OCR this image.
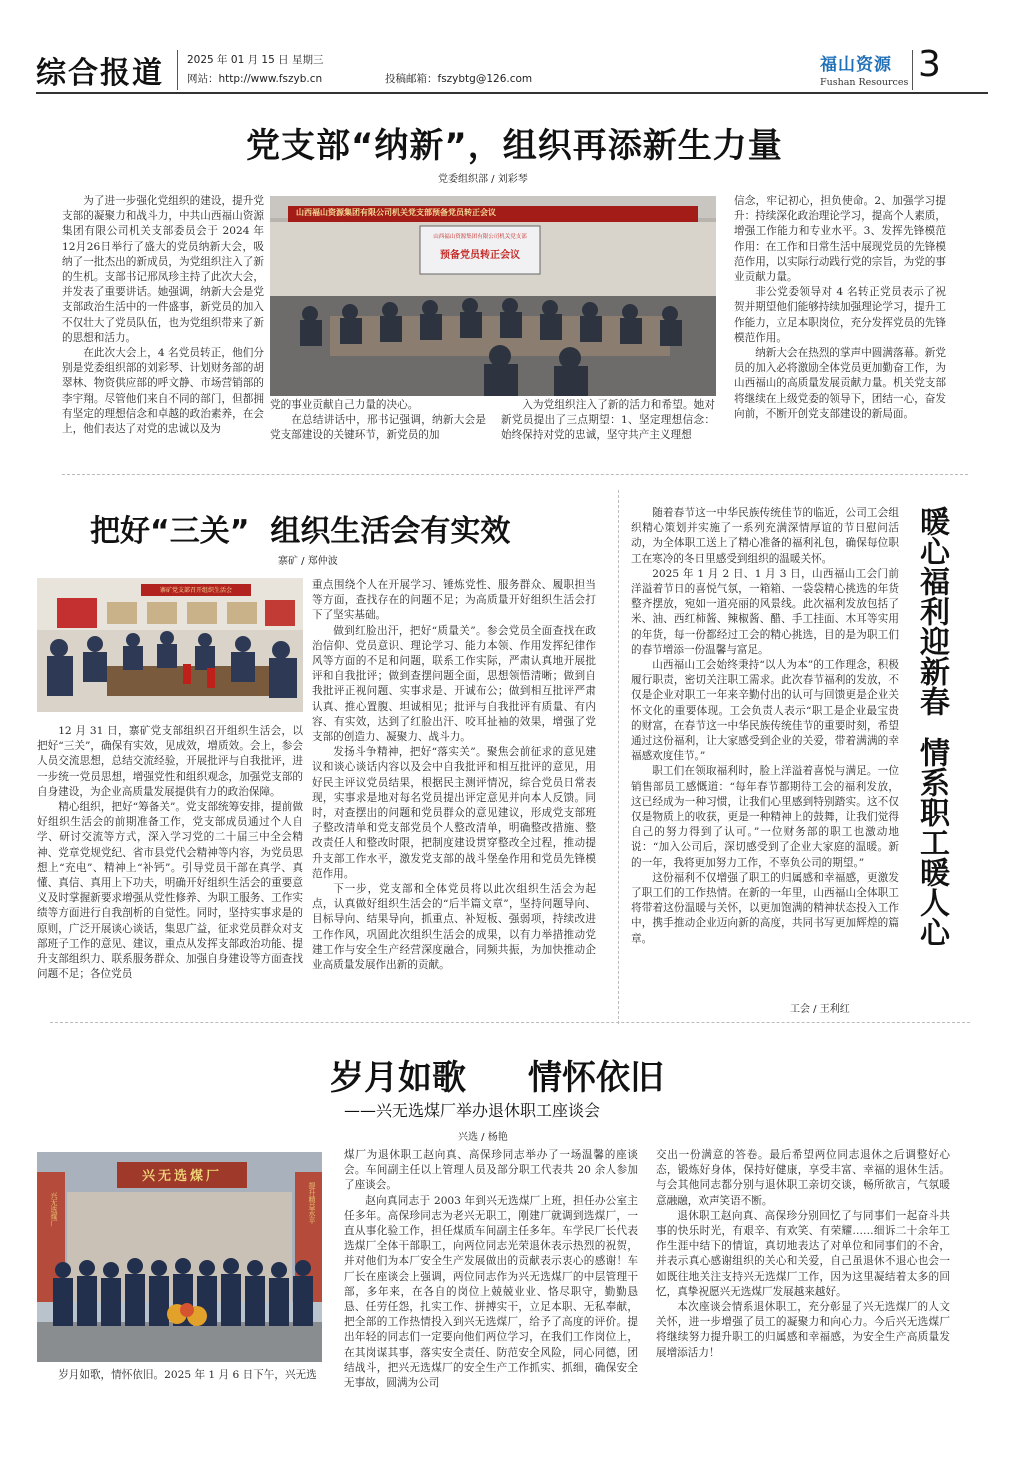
综合报道 2025 年 01 月 15 日 星期三
网站：http://www.fszyb.cn	投稿邮箱：fszybtg@126.com
福山资源
Fushan Resources 3
党支部“纳新”，组织再添新生力量
党委组织部 / 刘彩琴

为了进一步强化党组织的建设，提升党支部的凝聚力和战斗力，中共山西福山资源集团有限公司机关支部委员会于 2024 年12月26日举行了盛大的党员纳新大会，吸纳了一批杰出的新成员，为党组织注入了新的生机。支部书记邢凤珍主持了此次大会，并发表了重要讲话。她强调，纳新大会是党支部政治生活中的一件盛事，新党员的加入不仅壮大了党员队伍，也为党组织带来了新的思想和活力。

在此次大会上，4 名党员转正，他们分别是党委组织部的刘彩琴、计划财务部的胡翠林、物资供应部的呼文静、市场营销部的李宇翔。尽管他们来自不同的部门，但都拥有坚定的理想信念和卓越的政治素养，在会上，他们表达了对党的忠诚以及为

山西福山资源集团有限公司机关党支部预备党员转正会议
山西福山资源集团有限公司机关党支部
预备党员转正会议

党的事业贡献自己力量的决心。

在总结讲话中，邢书记强调，纳新大会是党支部建设的关键环节，新党员的加

入为党组织注入了新的活力和希望。她对新党员提出了三点期望：1、坚定理想信念：始终保持对党的忠诚，坚守共产主义理想

信念，牢记初心，担负使命。2、加强学习提升：持续深化政治理论学习，提高个人素质，增强工作能力和专业水平。3、发挥先锋模范作用：在工作和日常生活中展现党员的先锋模范作用，以实际行动践行党的宗旨，为党的事业贡献力量。

非公党委领导对 4 名转正党员表示了祝贺并期望他们能够持续加强理论学习，提升工作能力，立足本职岗位，充分发挥党员的先锋模范作用。

纳新大会在热烈的掌声中圆满落幕。新党员的加入必将激励全体党员更加勤奋工作，为山西福山的高质量发展贡献力量。机关党支部将继续在上级党委的领导下，团结一心，奋发向前，不断开创党支部建设的新局面。

把好“三关”  组织生活会有实效
寨矿 / 郑仲波
寨矿党支部召开组织生活会

12 月 31 日，寨矿党支部组织召开组织生活会，以把好“三关”，确保有实效，见成效，增质效。会上，参会人员交流思想，总结交流经验，开展批评与自我批评，进一步统一党员思想，增强党性和组织观念，加强党支部的自身建设，为企业高质量发展提供有力的政治保障。

精心组织，把好“筹备关”。党支部统筹安排，提前做好组织生活会的前期准备工作，党支部成员通过个人自学、研讨交流等方式，深入学习党的二十届三中全会精神、党章党规党纪、省市县党代会精神等内容，为党员思想上“充电”、精神上“补钙”。引导党员干部在真学、真懂、真信、真用上下功夫，明确开好组织生活会的重要意义及时掌握新要求增强从党性修养、为职工服务、工作实绩等方面进行自我剖析的自觉性。同时，坚持实事求是的原则，广泛开展谈心谈话，集思广益，征求党员群众对支部班子工作的意见、建议，重点从发挥支部政治功能、提升支部组织力、联系服务群众、加强自身建设等方面查找问题不足；各位党员

重点围绕个人在开展学习、锤炼党性、服务群众、履职担当等方面，查找存在的问题不足；为高质量开好组织生活会打下了坚实基础。

做到红脸出汗，把好“质量关”。参会党员全面查找在政治信仰、党员意识、理论学习、能力本领、作用发挥纪律作风等方面的不足和问题，联系工作实际，严肃认真地开展批评和自我批评；做到查摆问题全面，思想领悟清晰；做到自我批评正视问题、实事求是、开诚布公；做到相互批评严肃认真、推心置腹、坦诚相见；批评与自我批评有质量、有内容、有实效，达到了红脸出汗、咬耳扯袖的效果，增强了党支部的创造力、凝聚力、战斗力。

发扬斗争精神，把好“落实关”。聚焦会前征求的意见建议和谈心谈话内容以及会中自我批评和相互批评的意见，用好民主评议党员结果，根据民主测评情况，综合党员日常表现，实事求是地对每名党员提出评定意见并向本人反馈。同时，对查摆出的问题和党员群众的意见建议，形成党支部班子整改清单和党支部党员个人整改清单，明确整改措施、整改责任人和整改时限，把制度建设贯穿整改全过程，推动提升支部工作水平，激发党支部的战斗堡垒作用和党员先锋模范作用。

下一步，党支部和全体党员将以此次组织生活会为起点，认真做好组织生活会的“后半篇文章”，坚持问题导向、目标导向、结果导向，抓重点、补短板、强弱项，持续改进工作作风，巩固此次组织生活会的成果，以有力举措推动党建工作与安全生产经营深度融合，同频共振，为加快推动企业高质量发展作出新的贡献。

随着春节这一中华民族传统佳节的临近，公司工会组织精心策划并实施了一系列充满深情厚谊的节日慰问活动，为全体职工送上了精心准备的福利礼包，确保每位职工在寒冷的冬日里感受到组织的温暖关怀。

2025 年 1 月 2 日、1 月 3 日，山西福山工会门前洋溢着节日的喜悦气氛，一箱箱、一袋袋精心挑选的年货整齐摆放，宛如一道亮丽的风景线。此次福利发放包括了米、油、西红柿酱、辣椒酱、醋、手工挂面、木耳等实用的年货，每一份都经过工会的精心挑选，目的是为职工们的春节增添一份温馨与富足。

山西福山工会始终秉持“以人为本”的工作理念，积极履行职责，密切关注职工需求。此次春节福利的发放，不仅是企业对职工一年来辛勤付出的认可与回馈更是企业关怀文化的重要体现。工会负责人表示“职工是企业最宝贵的财富，在春节这一中华民族传统佳节的重要时刻，希望通过这份福利，让大家感受到企业的关爱，带着满满的幸福感欢度佳节。”

职工们在领取福利时，脸上洋溢着喜悦与满足。一位销售部员工感慨道：“每年春节都期待工会的福利发放，这已经成为一种习惯，让我们心里感到特别踏实。这不仅仅是物质上的收获，更是一种精神上的鼓舞，让我们觉得自己的努力得到了认可。”一位财务部的职工也激动地说：“加入公司后，深切感受到了企业大家庭的温暖。新的一年，我将更加努力工作，不辜负公司的期望。”

这份福利不仅增强了职工的归属感和幸福感，更激发了职工们的工作热情。在新的一年里，山西福山全体职工将带着这份温暖与关怀，以更加饱满的精神状态投入工作中，携手推动企业迈向新的高度，共同书写更加辉煌的篇章。	暖心福利迎新春  情系职工暖人心
工会 / 王利红
岁月如歌 情怀依旧
——兴无选煤厂举办退休职工座谈会
兴选 / 杨艳
兴无选煤厂
兴无选煤厂	提升精益水平

岁月如歌，情怀依旧。2025 年 1 月 6 日下午，兴无选

煤厂为退休职工赵向真、高保珍同志举办了一场温馨的座谈会。车间副主任以上管理人员及部分职工代表共 20 余人参加了座谈会。

赵向真同志于 2003 年到兴无选煤厂上班，担任办公室主任多年。高保珍同志为老兴无职工，刚建厂就调到选煤厂，一直从事化验工作，担任煤质车间副主任多年。车学民厂长代表选煤厂全体干部职工，向两位同志光荣退休表示热烈的祝贺，并对他们为本厂安全生产发展做出的贡献表示衷心的感谢！车厂长在座谈会上强调，两位同志作为兴无选煤厂的中层管理干部，多年来，在各自的岗位上兢兢业业、恪尽职守，勤勤恳恳、任劳任怨，扎实工作、拼搏实干，立足本职、无私奉献，把全部的工作热情投入到兴无选煤厂，给予了高度的评价。提出年轻的同志们一定要向他们两位学习，在我们工作岗位上，在其岗谋其事，落实安全责任、防范安全风险，同心同德，团结战斗，把兴无选煤厂的安全生产工作抓实、抓细，确保安全无事故，圆满为公司

交出一份满意的答卷。最后希望两位同志退休之后调整好心态，锻炼好身体，保持好健康，享受丰富、幸福的退休生活。与会其他同志都分别与退休职工亲切交谈，畅所欲言，气氛暖意融融，欢声笑语不断。

退休职工赵向真、高保珍分别回忆了与同事们一起奋斗共事的快乐时光，有艰辛、有欢笑、有荣耀……细诉二十余年工作生涯中结下的情谊，真切地表达了对单位和同事们的不舍，并表示真心感谢组织的关心和关爱，自己虽退休不退心也会一如既往地关注支持兴无选煤厂工作，因为这里凝结着太多的回忆，真挚祝愿兴无选煤厂发展越来越好。

本次座谈会情系退休职工，充分彰显了兴无选煤厂的人文关怀，进一步增强了员工的凝聚力和向心力。今后兴无选煤厂将继续努力提升职工的归属感和幸福感，为安全生产高质量发展增添活力！
